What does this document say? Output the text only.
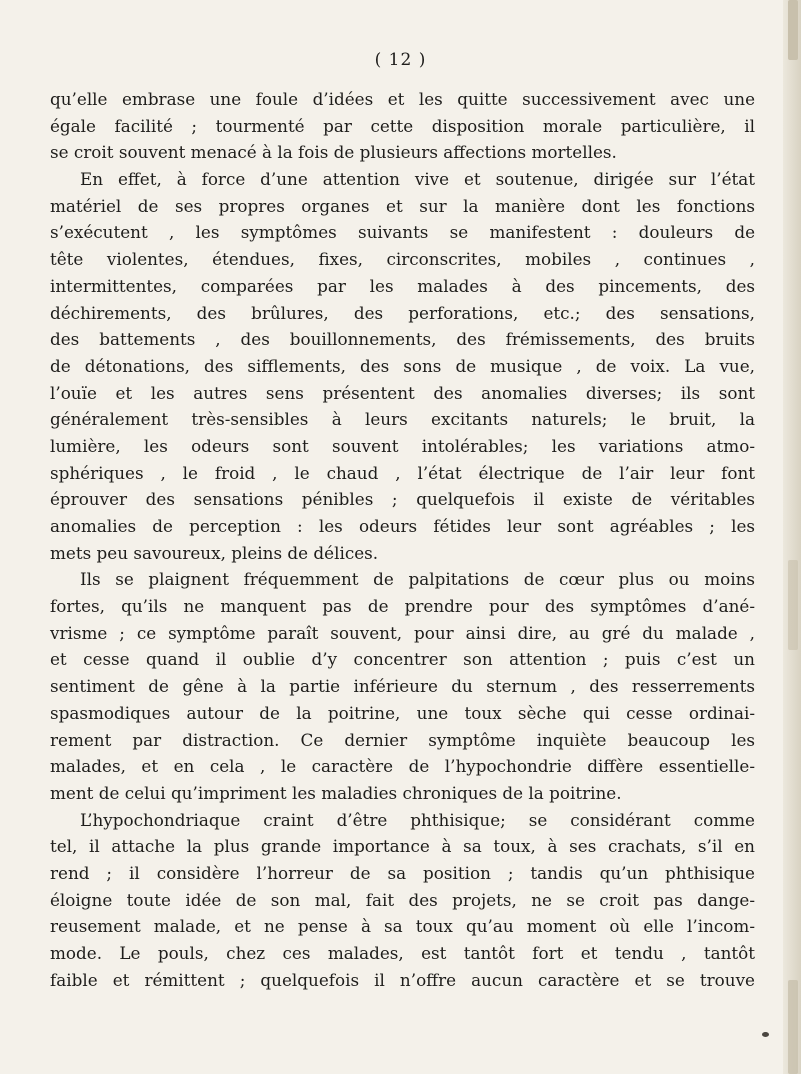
( 12 )
qu’elle embrase une foule d’idées et les quitte successivement avec une
égale facilité ; tourmenté par cette disposition morale particulière, il
se croit souvent menacé à la fois de plusieurs affections mortelles.
En effet, à force d’une attention vive et soutenue, dirigée sur l’état
matériel de ses propres organes et sur la manière dont les fonctions
s’exécutent , les symptômes suivants se manifestent : douleurs de
tête violentes, étendues, fixes, circonscrites, mobiles , continues ,
intermittentes, comparées par les malades à des pincements, des
déchirements, des brûlures, des perforations, etc.; des sensations,
des battements , des bouillonnements, des frémissements, des bruits
de détonations, des sifflements, des sons de musique , de voix. La vue,
l’ouïe et les autres sens présentent des anomalies diverses; ils sont
généralement très-sensibles à leurs excitants naturels; le bruit, la
lumière, les odeurs sont souvent intolérables; les variations atmo-
sphériques , le froid , le chaud , l’état électrique de l’air leur font
éprouver des sensations pénibles ; quelquefois il existe de véritables
anomalies de perception : les odeurs fétides leur sont agréables ; les
mets peu savoureux, pleins de délices.
Ils se plaignent fréquemment de palpitations de cœur plus ou moins
fortes, qu’ils ne manquent pas de prendre pour des symptômes d’ané-
vrisme ; ce symptôme paraît souvent, pour ainsi dire, au gré du malade ,
et cesse quand il oublie d’y concentrer son attention ; puis c’est un
sentiment de gêne à la partie inférieure du sternum , des resserrements
spasmodiques autour de la poitrine, une toux sèche qui cesse ordinai-
rement par distraction. Ce dernier symptôme inquiète beaucoup les
malades, et en cela , le caractère de l’hypochondrie diffère essentielle-
ment de celui qu’impriment les maladies chroniques de la poitrine.
L’hypochondriaque craint d’être phthisique; se considérant comme
tel, il attache la plus grande importance à sa toux, à ses crachats, s’il en
rend ; il considère l’horreur de sa position ; tandis qu’un phthisique
éloigne toute idée de son mal, fait des projets, ne se croit pas dange-
reusement malade, et ne pense à sa toux qu’au moment où elle l’incom-
mode. Le pouls, chez ces malades, est tantôt fort et tendu , tantôt
faible et rémittent ; quelquefois il n’offre aucun caractère et se trouve
